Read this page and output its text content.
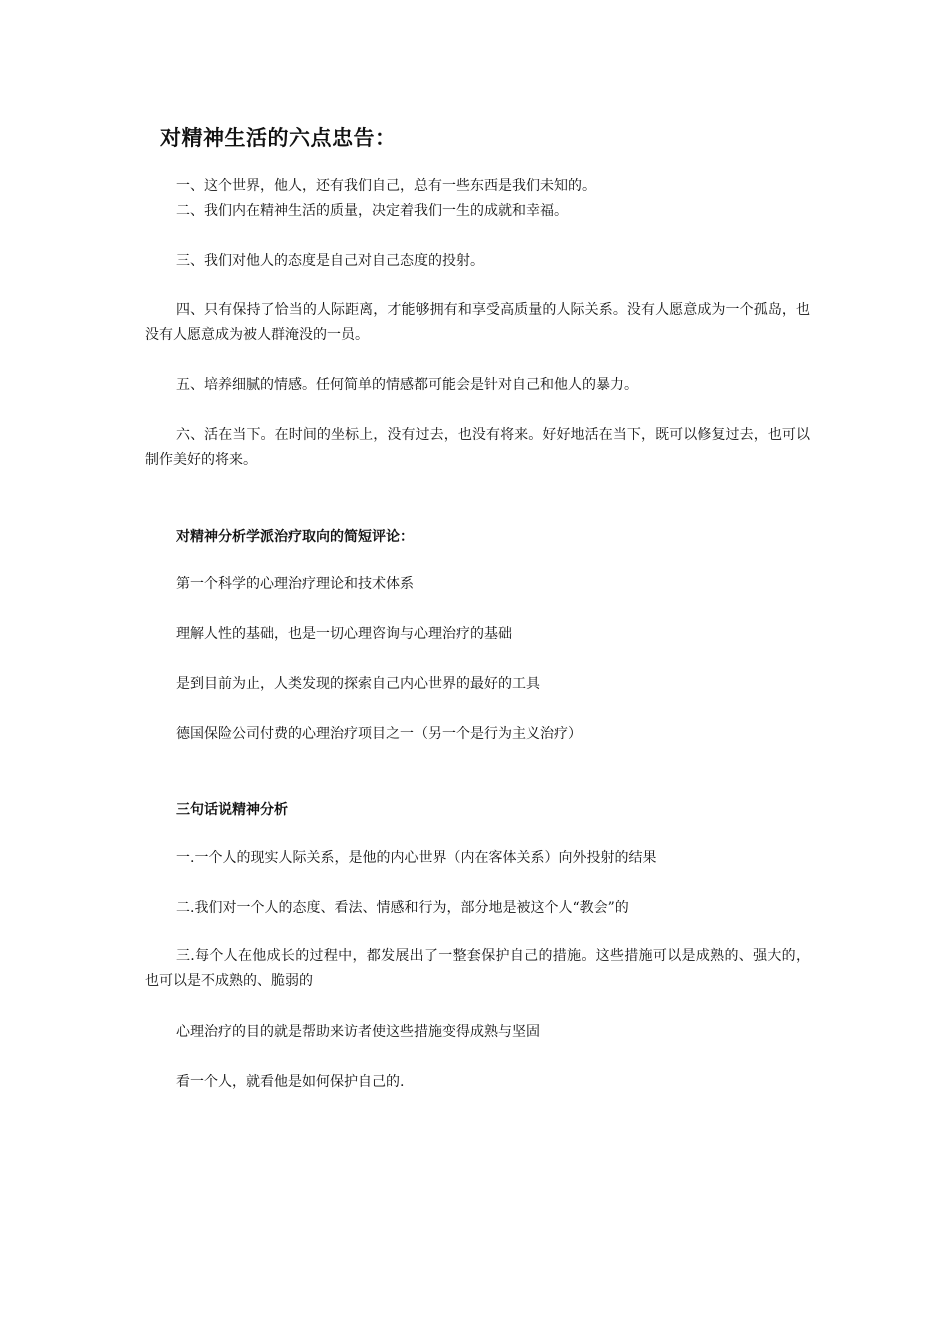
对精神生活的六点忠告：
一、这个世界，他人，还有我们自己，总有一些东西是我们未知的。
二、我们内在精神生活的质量，决定着我们一生的成就和幸福。
三、我们对他人的态度是自己对自己态度的投射。
四、只有保持了恰当的人际距离，才能够拥有和享受高质量的人际关系。没有人愿意成为一个孤岛，也没有人愿意成为被人群淹没的一员。
五、培养细腻的情感。任何简单的情感都可能会是针对自己和他人的暴力。
六、活在当下。在时间的坐标上，没有过去，也没有将来。好好地活在当下，既可以修复过去，也可以制作美好的将来。
对精神分析学派治疗取向的简短评论：
第一个科学的心理治疗理论和技术体系
理解人性的基础，也是一切心理咨询与心理治疗的基础
是到目前为止，人类发现的探索自己内心世界的最好的工具
德国保险公司付费的心理治疗项目之一（另一个是行为主义治疗）
三句话说精神分析
一.一个人的现实人际关系，是他的内心世界（内在客体关系）向外投射的结果
二.我们对一个人的态度、看法、情感和行为，部分地是被这个人“教会”的
三.每个人在他成长的过程中，都发展出了一整套保护自己的措施。这些措施可以是成熟的、强大的，也可以是不成熟的、脆弱的
心理治疗的目的就是帮助来访者使这些措施变得成熟与坚固
看一个人，就看他是如何保护自己的.
